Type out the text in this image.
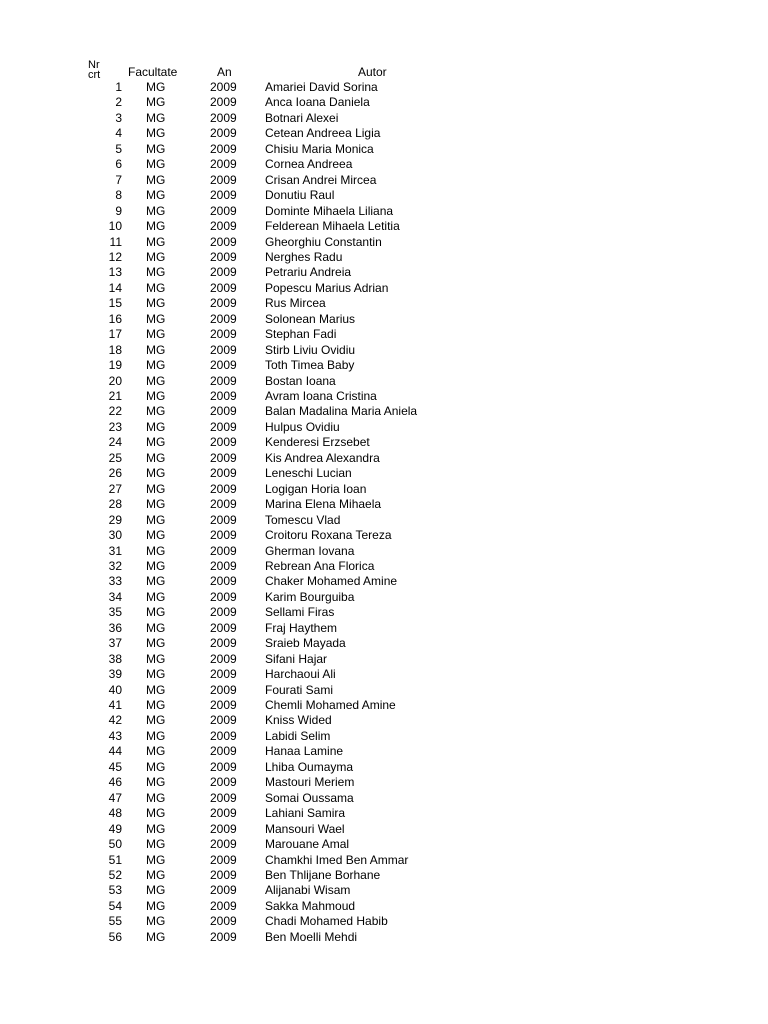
Nr crt	Facultate	An	Autor
1 MG	2009 Amariei David Sorina
2 MG	2009 Anca Ioana Daniela
3 MG	2009 Botnari Alexei
4 MG	2009 Cetean Andreea Ligia
5 MG	2009 Chisiu Maria Monica
6 MG	2009 Cornea Andreea
7 MG	2009 Crisan Andrei Mircea
8 MG	2009 Donutiu Raul
9 MG	2009 Dominte Mihaela Liliana
10 MG	2009 Felderean Mihaela Letitia
11 MG	2009 Gheorghiu Constantin
12 MG	2009 Nerghes Radu
13 MG	2009 Petrariu Andreia
14 MG	2009 Popescu Marius Adrian
15 MG	2009 Rus Mircea
16 MG	2009 Solonean Marius
17 MG	2009 Stephan Fadi
18 MG	2009 Stirb Liviu Ovidiu
19 MG	2009 Toth Timea Baby
20 MG	2009 Bostan Ioana
21 MG	2009 Avram Ioana Cristina
22 MG	2009 Balan Madalina Maria Aniela
23 MG	2009 Hulpus Ovidiu
24 MG	2009 Kenderesi Erzsebet
25 MG	2009 Kis Andrea Alexandra
26 MG	2009 Leneschi Lucian
27 MG	2009 Logigan Horia Ioan
28 MG	2009 Marina Elena Mihaela
29 MG	2009 Tomescu Vlad
30 MG	2009 Croitoru Roxana Tereza
31 MG	2009 Gherman Iovana
32 MG	2009 Rebrean Ana Florica
33 MG	2009 Chaker Mohamed Amine
34 MG	2009 Karim Bourguiba
35 MG	2009 Sellami Firas
36 MG	2009 Fraj Haythem
37 MG	2009 Sraieb Mayada
38 MG	2009 Sifani Hajar
39 MG	2009 Harchaoui Ali
40 MG	2009 Fourati Sami
41 MG	2009 Chemli Mohamed Amine
42 MG	2009 Kniss Wided
43 MG	2009 Labidi Selim
44 MG	2009 Hanaa Lamine
45 MG	2009 Lhiba Oumayma
46 MG	2009 Mastouri Meriem
47 MG	2009 Somai Oussama
48 MG	2009 Lahiani Samira
49 MG	2009 Mansouri Wael
50 MG	2009 Marouane Amal
51 MG	2009 Chamkhi Imed Ben Ammar
52 MG	2009 Ben Thlijane Borhane
53 MG	2009 Alijanabi Wisam
54 MG	2009 Sakka Mahmoud
55 MG	2009 Chadi Mohamed Habib
56 MG	2009 Ben Moelli Mehdi
